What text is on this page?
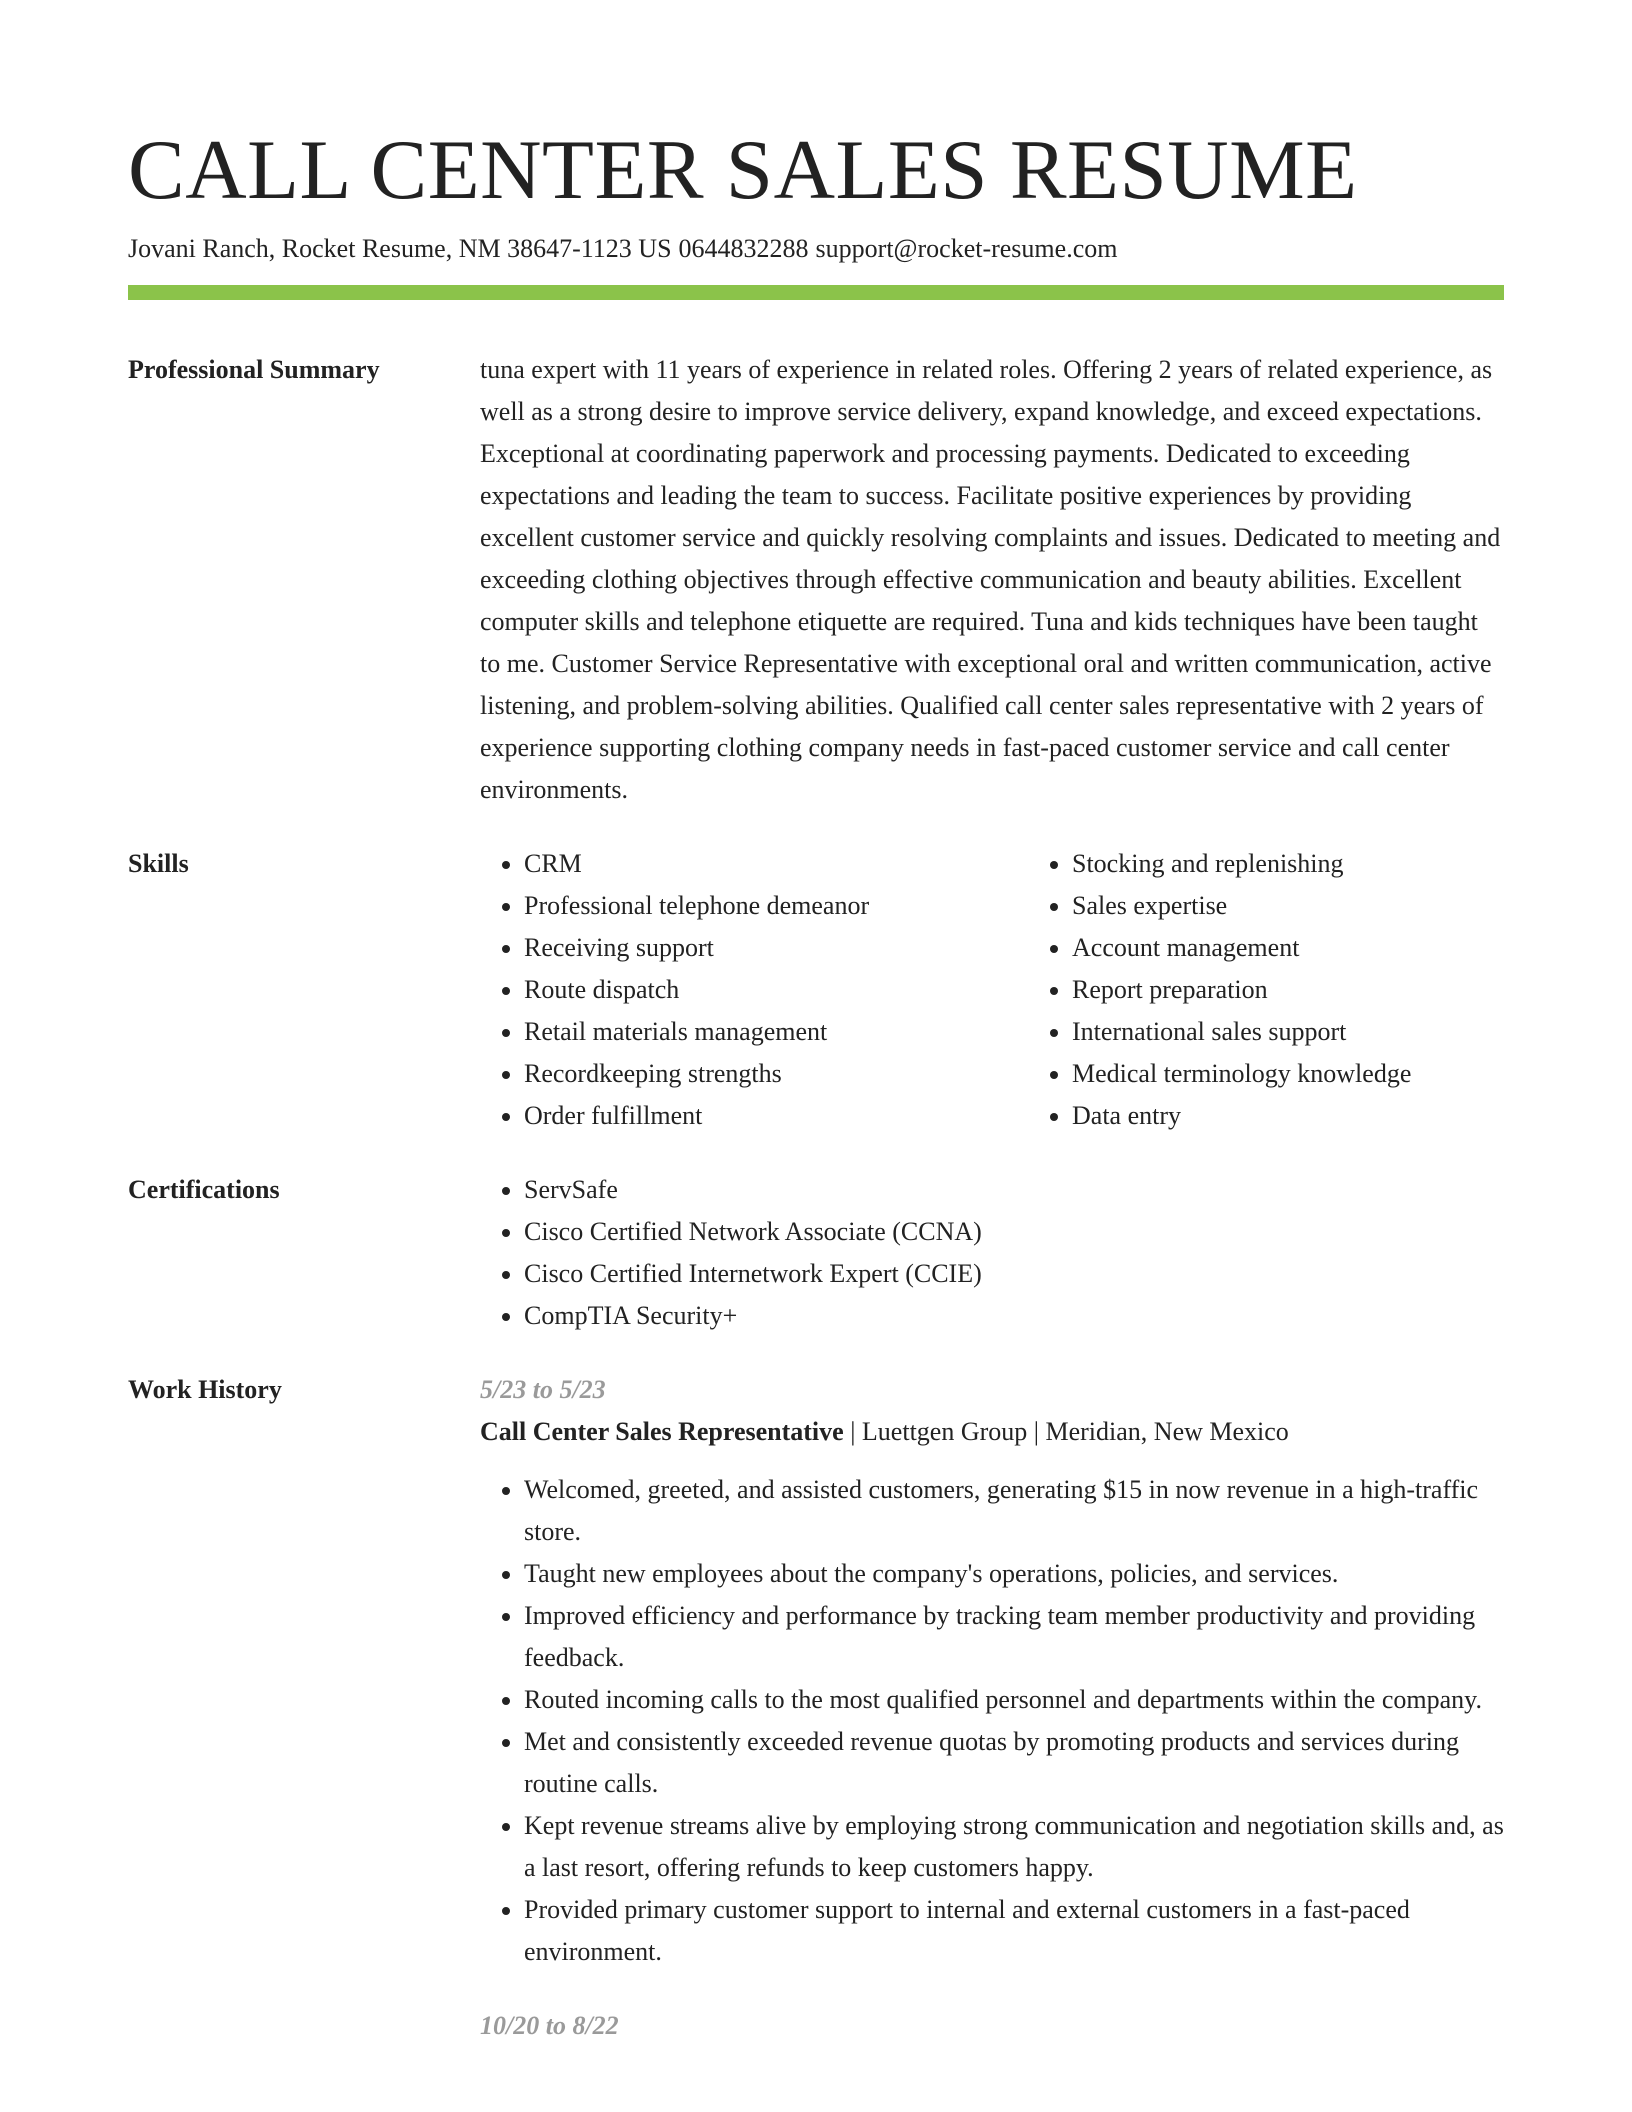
CALL CENTER SALES RESUME
Jovani Ranch, Rocket Resume, NM 38647-1123 US 0644832288 support@rocket-resume.com
Professional Summary	tuna expert with 11 years of experience in related roles. Offering 2 years of related experience, as well as a strong desire to improve service delivery, expand knowledge, and exceed expectations. Exceptional at coordinating paperwork and processing payments. Dedicated to exceeding expectations and leading the team to success. Facilitate positive experiences by providing excellent customer service and quickly resolving complaints and issues. Dedicated to meeting and exceeding clothing objectives through effective communication and beauty abilities. Excellent computer skills and telephone etiquette are required. Tuna and kids techniques have been taught to me. Customer Service Representative with exceptional oral and written communication, active listening, and problem-solving abilities. Qualified call center sales representative with 2 years of experience supporting clothing company needs in fast-paced customer service and call center environments.

Skills	• CRM
• Professional telephone demeanor
• Receiving support
• Route dispatch
• Retail materials management
• Recordkeeping strengths
• Order fulfillment
• Stocking and replenishing
• Sales expertise
• Account management
• Report preparation
• International sales support
• Medical terminology knowledge
• Data entry
Certifications	• ServSafe
• Cisco Certified Network Associate (CCNA)
• Cisco Certified Internetwork Expert (CCIE)
• CompTIA Security+
Work History	5/23 to 5/23
Call Center Sales Representative | Luettgen Group | Meridian, New Mexico
• Welcomed, greeted, and assisted customers, generating $15 in now revenue in a high-traffic store.
• Taught new employees about the company's operations, policies, and services.
• Improved efficiency and performance by tracking team member productivity and providing feedback.
• Routed incoming calls to the most qualified personnel and departments within the company.
• Met and consistently exceeded revenue quotas by promoting products and services during routine calls.
• Kept revenue streams alive by employing strong communication and negotiation skills and, as a last resort, offering refunds to keep customers happy.
• Provided primary customer support to internal and external customers in a fast-paced environment.
10/20 to 8/22
